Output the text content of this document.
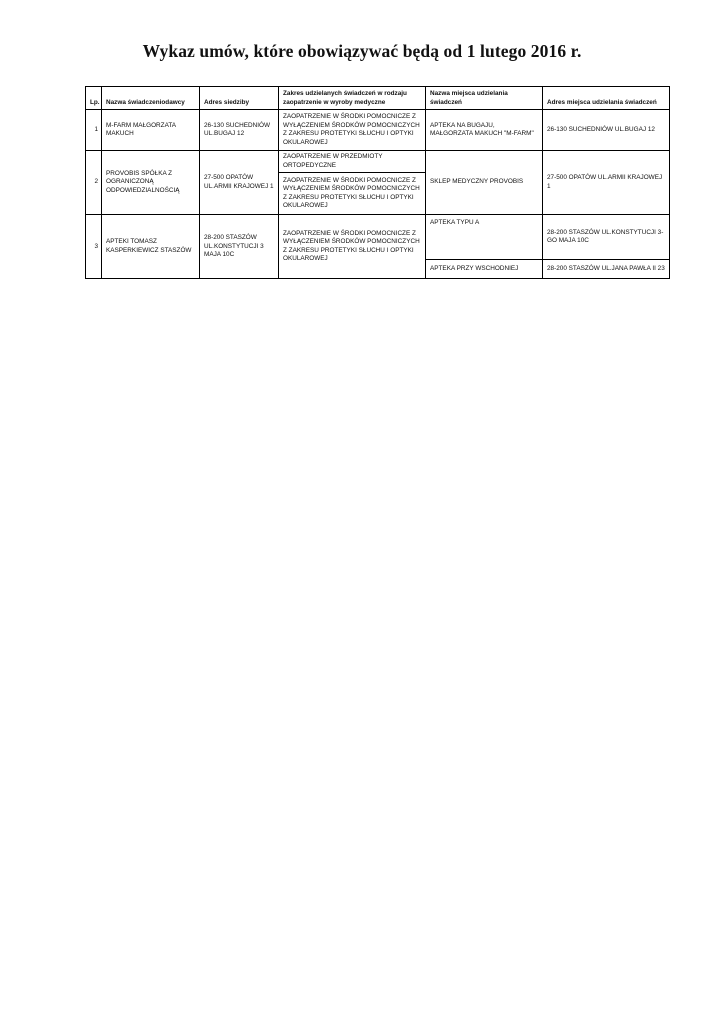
Wykaz umów, które obowiązywać będą od 1 lutego 2016 r.
Lp.	Nazwa świadczeniodawcy	Adres siedziby	Zakres udzielanych świadczeń w rodzaju zaopatrzenie w wyroby medyczne	Nazwa miejsca udzielania świadczeń	Adres miejsca udzielania świadczeń
1	M-FARM MAŁGORZATA MAKUCH	26-130 SUCHEDNIÓW UL.BUGAJ 12	ZAOPATRZENIE W ŚRODKI POMOCNICZE Z WYŁĄCZENIEM ŚRODKÓW POMOCNICZYCH Z ZAKRESU PROTETYKI SŁUCHU I OPTYKI OKULAROWEJ	APTEKA NA BUGAJU, MAŁGORZATA MAKUCH "M-FARM"	26-130 SUCHEDNIÓW UL.BUGAJ 12
2	PROVOBIS SPÓŁKA Z OGRANICZONĄ ODPOWIEDZIALNOŚCIĄ	27-500 OPATÓW UL.ARMII KRAJOWEJ 1	ZAOPATRZENIE W PRZEDMIOTY ORTOPEDYCZNE	SKLEP MEDYCZNY PROVOBIS	27-500 OPATÓW UL.ARMII KRAJOWEJ 1
			ZAOPATRZENIE W ŚRODKI POMOCNICZE Z WYŁĄCZENIEM ŚRODKÓW POMOCNICZYCH Z ZAKRESU PROTETYKI SŁUCHU I OPTYKI OKULAROWEJ		
3	APTEKI TOMASZ KASPERKIEWICZ STASZÓW	28-200 STASZÓW UL.KONSTYTUCJI 3 MAJA 10C	ZAOPATRZENIE W ŚRODKI POMOCNICZE Z WYŁĄCZENIEM ŚRODKÓW POMOCNICZYCH Z ZAKRESU PROTETYKI SŁUCHU I OPTYKI OKULAROWEJ	APTEKA TYPU A	28-200 STASZÓW UL.KONSTYTUCJI 3-GO MAJA 10C
				APTEKA PRZY WSCHODNIEJ	28-200 STASZÓW UL.JANA PAWŁA II 23
